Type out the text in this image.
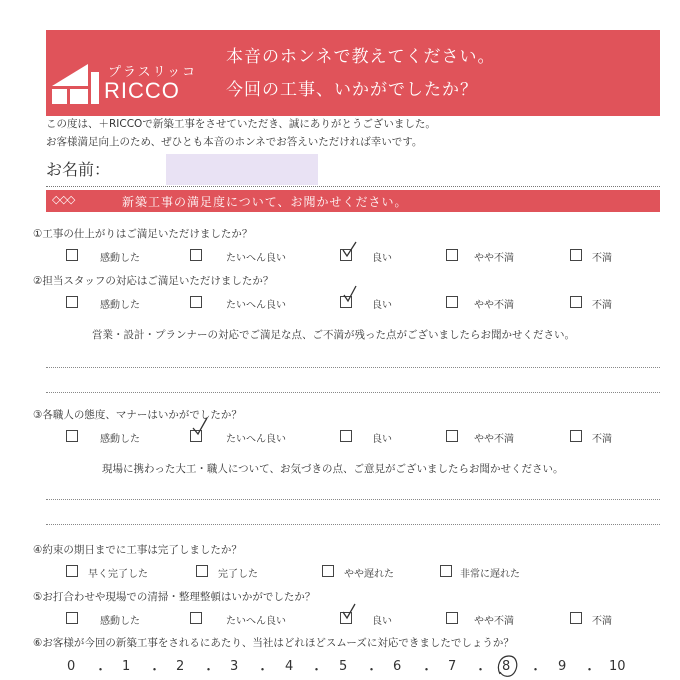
プラスリッコ
RICCO
本音のホンネで教えてください。
今回の工事、いかがでしたか？
この度は、＋RICCOで新築工事をさせていただき、誠にありがとうございました。
お客様満足向上のため、ぜひとも本音のホンネでお答えいただければ幸いです。
お名前：
◇◇◇	新築工事の満足度について、お聞かせください。
①工事の仕上がりはご満足いただけましたか？
感動した	たいへん良い	良い	やや不満	不満
②担当スタッフの対応はご満足いただけましたか？
感動した	たいへん良い	良い	やや不満	不満
営業・設計・プランナーの対応でご満足な点、ご不満が残った点がございましたらお聞かせください。
③各職人の態度、マナーはいかがでしたか？
感動した	たいへん良い	良い	やや不満	不満
現場に携わった大工・職人について、お気づきの点、ご意見がございましたらお聞かせください。
④約束の期日までに工事は完了しましたか？
早く完了した	完了した	やや遅れた	非常に遅れた
⑤お打合わせや現場での清掃・整理整頓はいかがでしたか？
感動した	たいへん良い	良い	やや不満	不満
⑥お客様が今回の新築工事をされるにあたり、当社はどれほどスムーズに対応できましたでしょうか？
0 ・ 1 ・ 2 ・ 3 ・ 4 ・ 5 ・ 6 ・ 7 ・ 8 ・ 9 ・ 10
